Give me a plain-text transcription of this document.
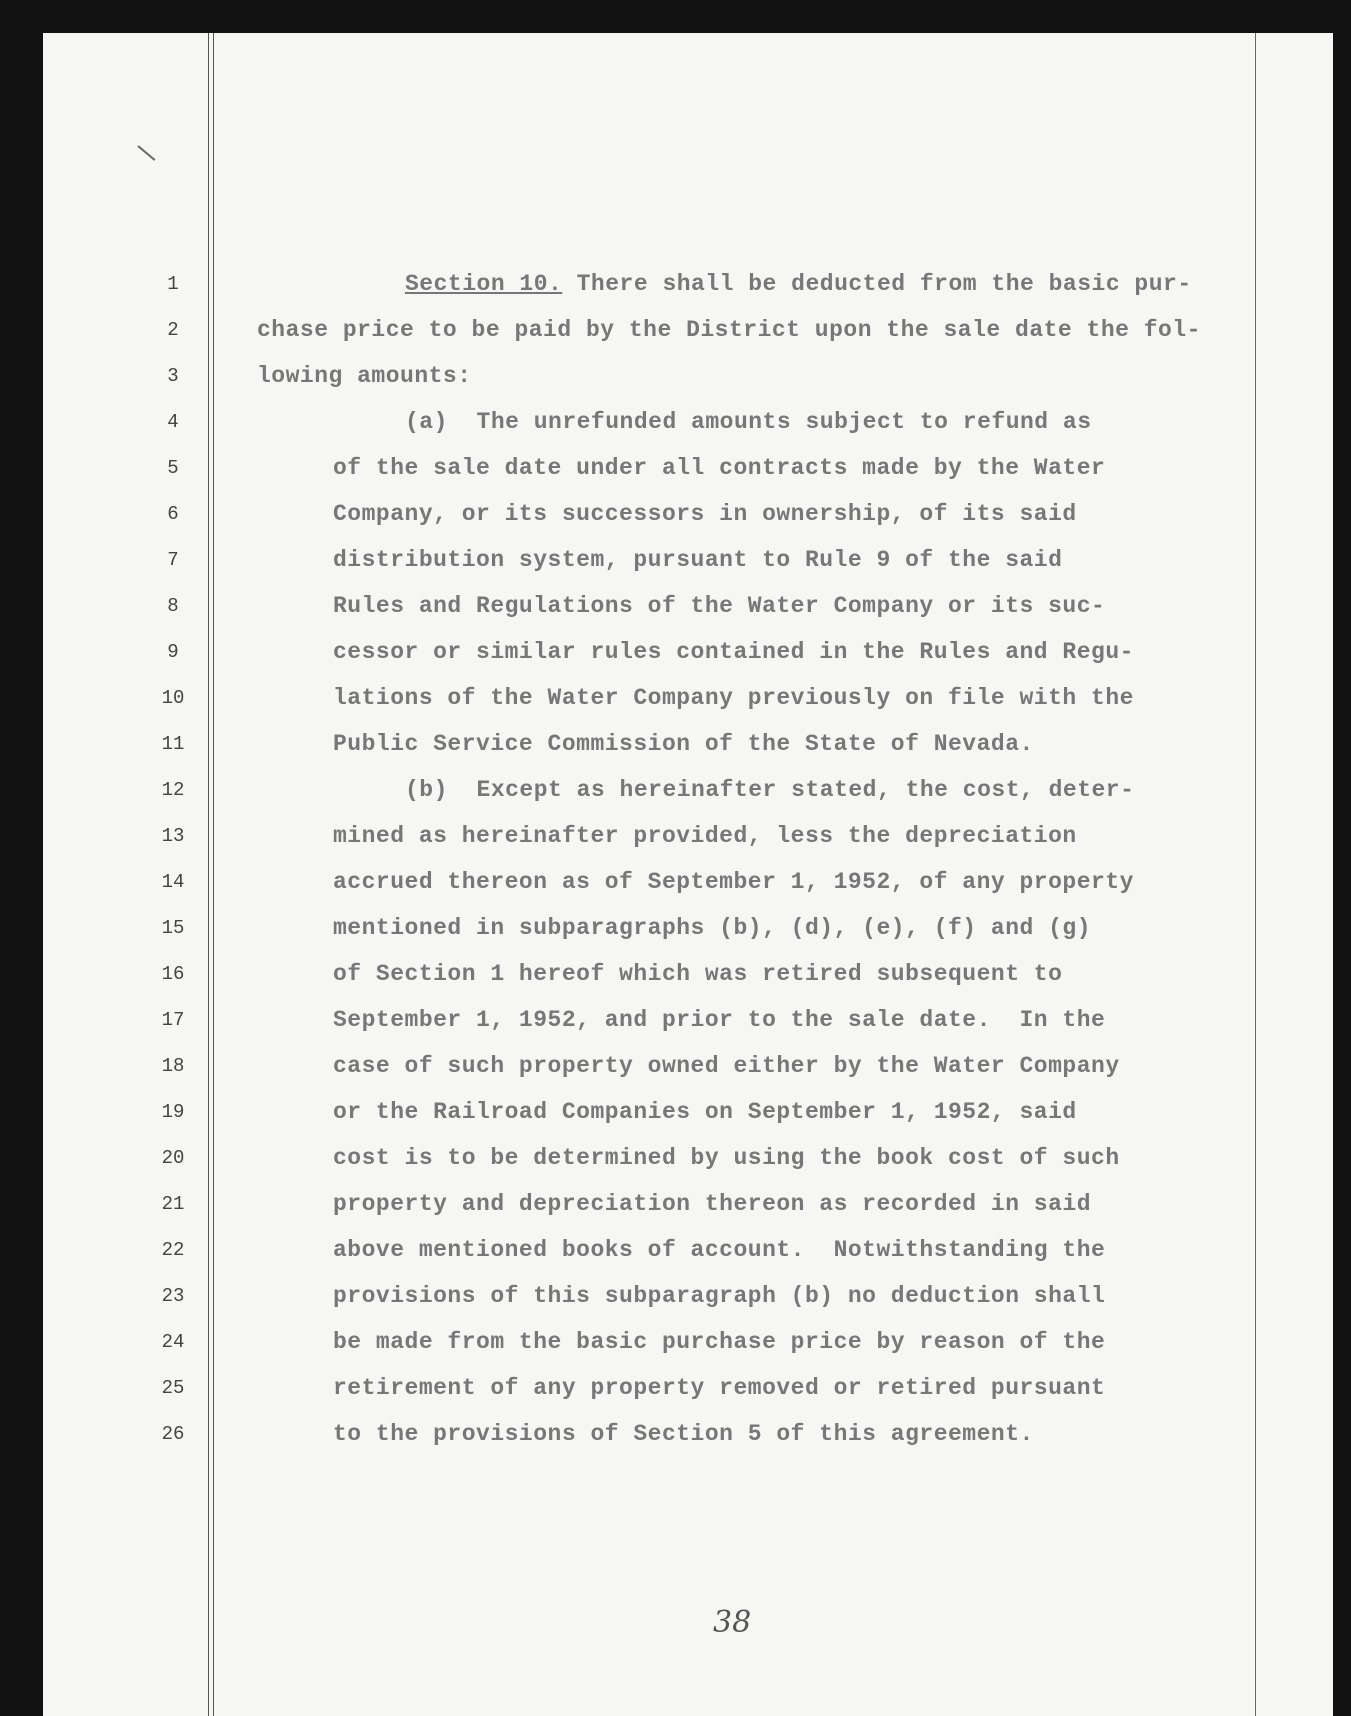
1
2
3
4
5
6
7
8
9
10
11
12
13
14
15
16
17
18
19
20
21
22
23
24
25
26
Section 10. There shall be deducted from the basic pur-
chase price to be paid by the District upon the sale date the fol-
lowing amounts:
(a)  The unrefunded amounts subject to refund as
of the sale date under all contracts made by the Water
Company, or its successors in ownership, of its said
distribution system, pursuant to Rule 9 of the said
Rules and Regulations of the Water Company or its suc-
cessor or similar rules contained in the Rules and Regu-
lations of the Water Company previously on file with the
Public Service Commission of the State of Nevada.
(b)  Except as hereinafter stated, the cost, deter-
mined as hereinafter provided, less the depreciation
accrued thereon as of September 1, 1952, of any property
mentioned in subparagraphs (b), (d), (e), (f) and (g)
of Section 1 hereof which was retired subsequent to
September 1, 1952, and prior to the sale date.  In the
case of such property owned either by the Water Company
or the Railroad Companies on September 1, 1952, said
cost is to be determined by using the book cost of such
property and depreciation thereon as recorded in said
above mentioned books of account.  Notwithstanding the
provisions of this subparagraph (b) no deduction shall
be made from the basic purchase price by reason of the
retirement of any property removed or retired pursuant
to the provisions of Section 5 of this agreement.
38
